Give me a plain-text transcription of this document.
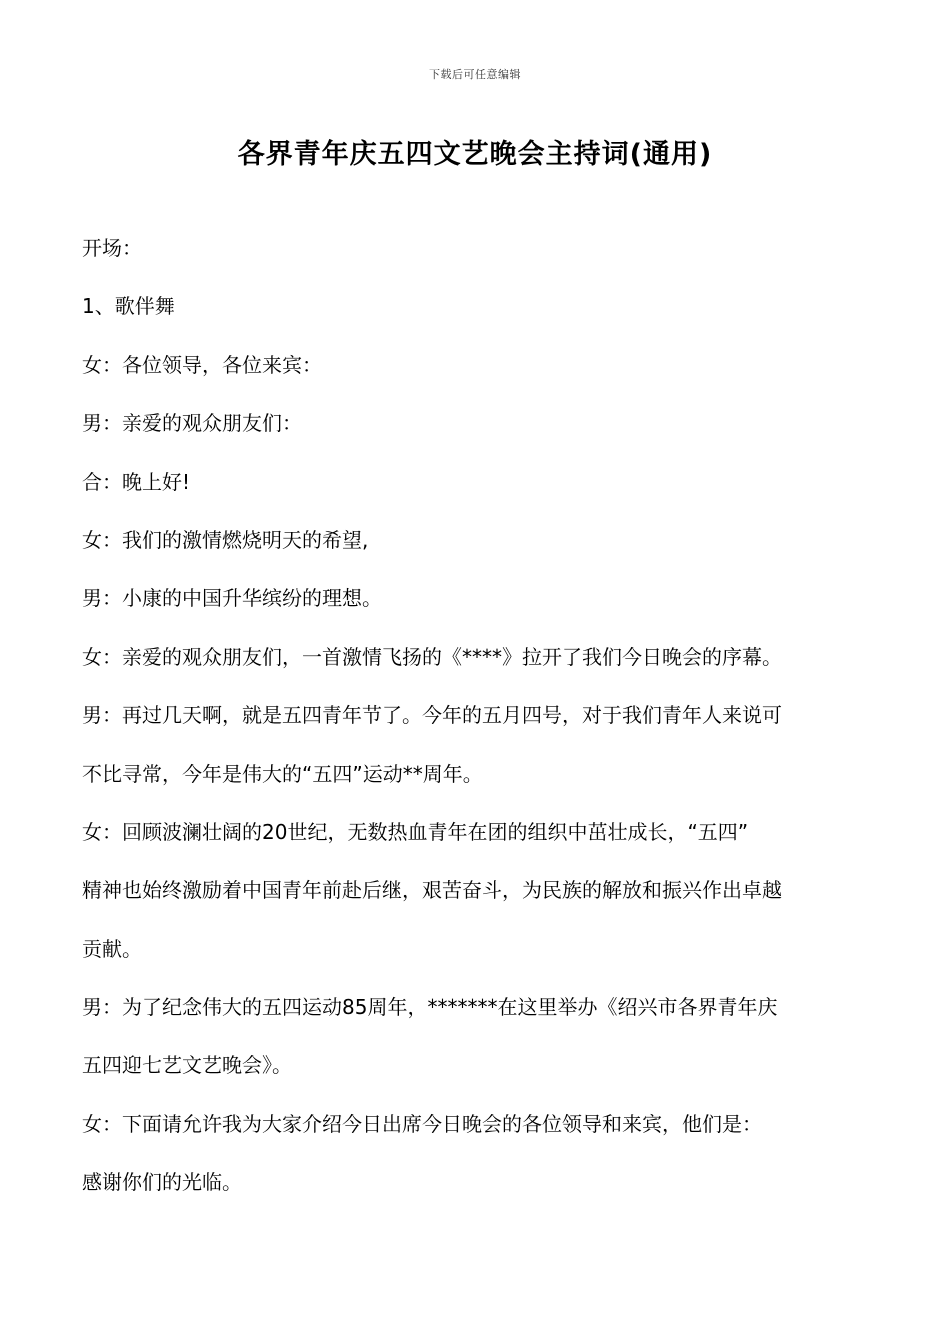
下载后可任意编辑
各界青年庆五四文艺晚会主持词(通用)
开场：
1、歌伴舞
女：各位领导，各位来宾：
男：亲爱的观众朋友们：
合：晚上好!
女：我们的激情燃烧明天的希望,
男：小康的中国升华缤纷的理想。
女：亲爱的观众朋友们，一首激情飞扬的《****》拉开了我们今日晚会的序幕。
男：再过几天啊，就是五四青年节了。今年的五月四号，对于我们青年人来说可
不比寻常，今年是伟大的“五四”运动**周年。
女：回顾波澜壮阔的20世纪，无数热血青年在团的组织中茁壮成长，“五四”
精神也始终激励着中国青年前赴后继，艰苦奋斗，为民族的解放和振兴作出卓越
贡献。
男：为了纪念伟大的五四运动85周年，*******在这里举办《绍兴市各界青年庆
五四迎七艺文艺晚会》。
女：下面请允许我为大家介绍今日出席今日晚会的各位领导和来宾，他们是：
感谢你们的光临。
